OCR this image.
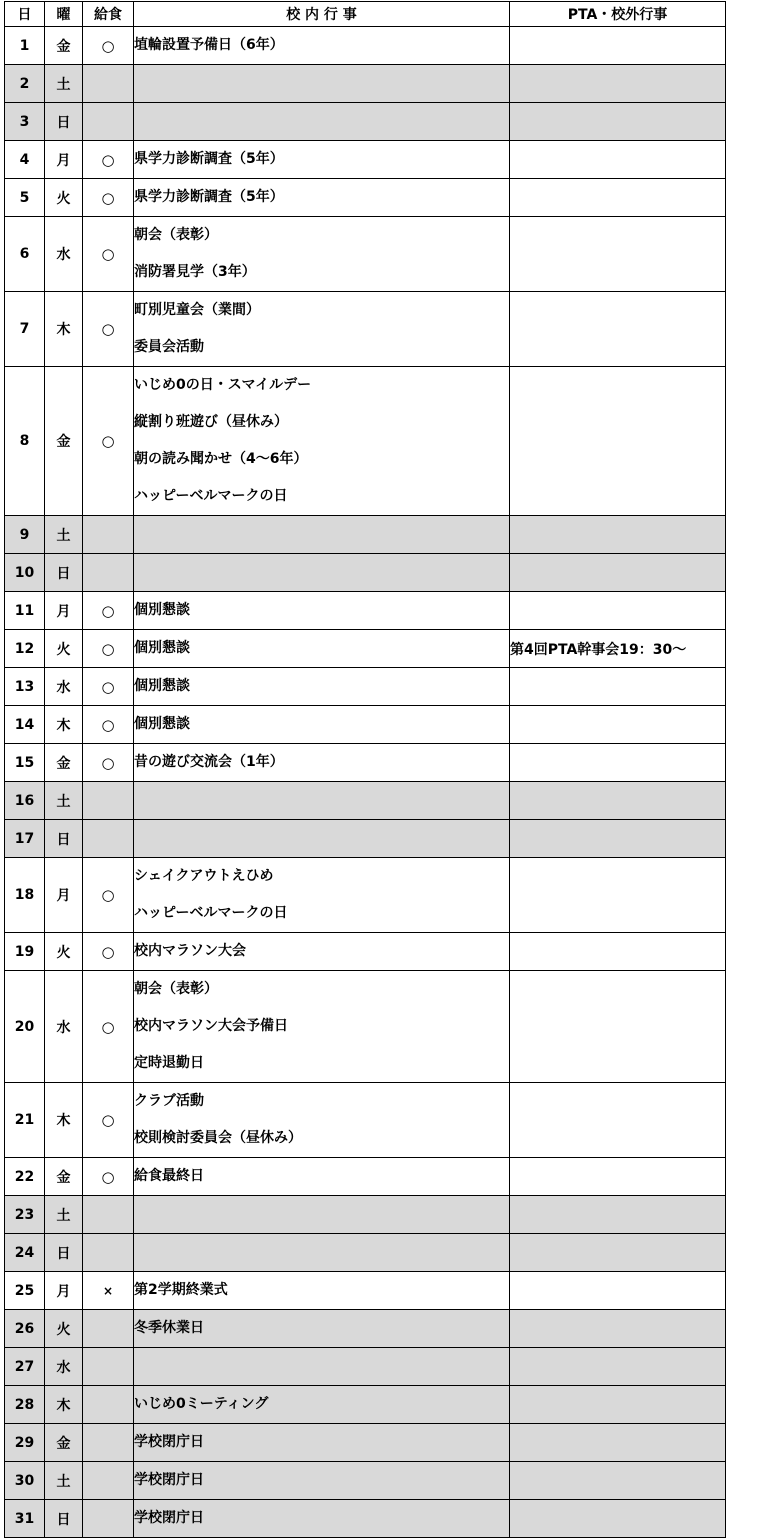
日	曜	給食	校 内 行 事	PTA・校外行事
1	金	○	埴輪設置予備日（6年）	

2	土		

3	日		

4	月	○	県学力診断調査（5年）	

5	火	○	県学力診断調査（5年）	

6	水	○	朝会（表彰）
消防署見学（3年）	

7	木	○	町別児童会（業間）
委員会活動	

8	金	○	いじめ0の日・スマイルデー
縦割り班遊び（昼休み）
朝の読み聞かせ（4～6年）
ハッピーベルマークの日	

9	土		

10	日		

11	月	○	個別懇談	

12	火	○	個別懇談	第4回PTA幹事会19：30～
13	水	○	個別懇談	

14	木	○	個別懇談	

15	金	○	昔の遊び交流会（1年）	

16	土		

17	日		

18	月	○	シェイクアウトえひめ
ハッピーベルマークの日	

19	火	○	校内マラソン大会	

20	水	○	朝会（表彰）
校内マラソン大会予備日
定時退勤日	

21	木	○	クラブ活動
校則検討委員会（昼休み）	

22	金	○	給食最終日	

23	土		

24	日		

25	月	×	第2学期終業式	

26	火		冬季休業日	

27	水		

28	木		いじめ0ミーティング	

29	金		学校閉庁日	

30	土		学校閉庁日	

31	日		学校閉庁日	
